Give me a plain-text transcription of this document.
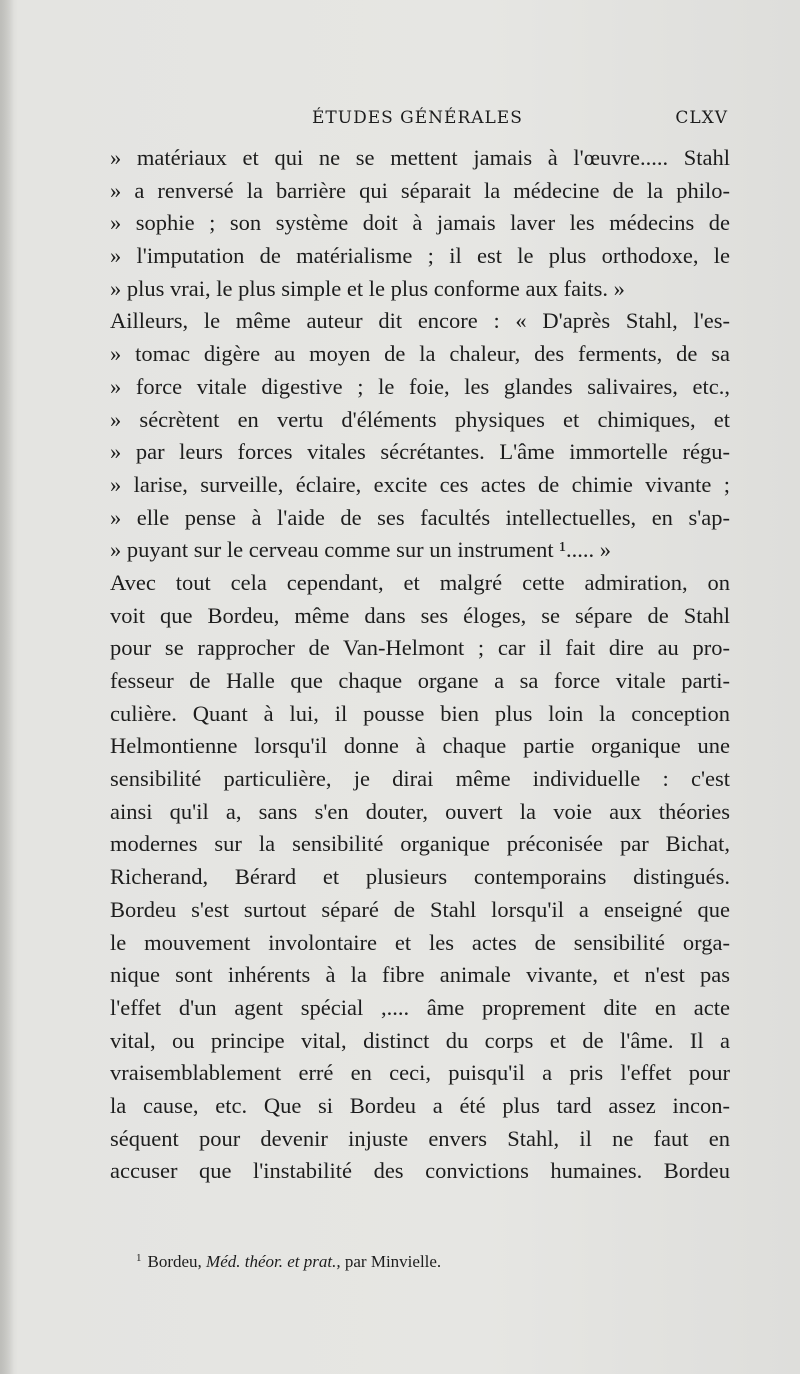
ÉTUDES GÉNÉRALES	CLXV
» matériaux et qui ne se mettent jamais à l'œuvre..... Stahl
» a renversé la barrière qui séparait la médecine de la philo-
» sophie ; son système doit à jamais laver les médecins de
» l'imputation de matérialisme ; il est le plus orthodoxe, le
» plus vrai, le plus simple et le plus conforme aux faits. »
Ailleurs, le même auteur dit encore : « D'après Stahl, l'es-
» tomac digère au moyen de la chaleur, des ferments, de sa
» force vitale digestive ; le foie, les glandes salivaires, etc.,
» sécrètent en vertu d'éléments physiques et chimiques, et
» par leurs forces vitales sécrétantes. L'âme immortelle régu-
» larise, surveille, éclaire, excite ces actes de chimie vivante ;
» elle pense à l'aide de ses facultés intellectuelles, en s'ap-
» puyant sur le cerveau comme sur un instrument ¹..... »
Avec tout cela cependant, et malgré cette admiration, on
voit que Bordeu, même dans ses éloges, se sépare de Stahl
pour se rapprocher de Van-Helmont ; car il fait dire au pro-
fesseur de Halle que chaque organe a sa force vitale parti-
culière. Quant à lui, il pousse bien plus loin la conception
Helmontienne lorsqu'il donne à chaque partie organique une
sensibilité particulière, je dirai même individuelle : c'est
ainsi qu'il a, sans s'en douter, ouvert la voie aux théories
modernes sur la sensibilité organique préconisée par Bichat,
Richerand, Bérard et plusieurs contemporains distingués.
Bordeu s'est surtout séparé de Stahl lorsqu'il a enseigné que
le mouvement involontaire et les actes de sensibilité orga-
nique sont inhérents à la fibre animale vivante, et n'est pas
l'effet d'un agent spécial ,.... âme proprement dite en acte
vital, ou principe vital, distinct du corps et de l'âme. Il a
vraisemblablement erré en ceci, puisqu'il a pris l'effet pour
la cause, etc. Que si Bordeu a été plus tard assez incon-
séquent pour devenir injuste envers Stahl, il ne faut en
accuser que l'instabilité des convictions humaines. Bordeu
$^1$ Bordeu, Méd. théor. et prat., par Minvielle.
